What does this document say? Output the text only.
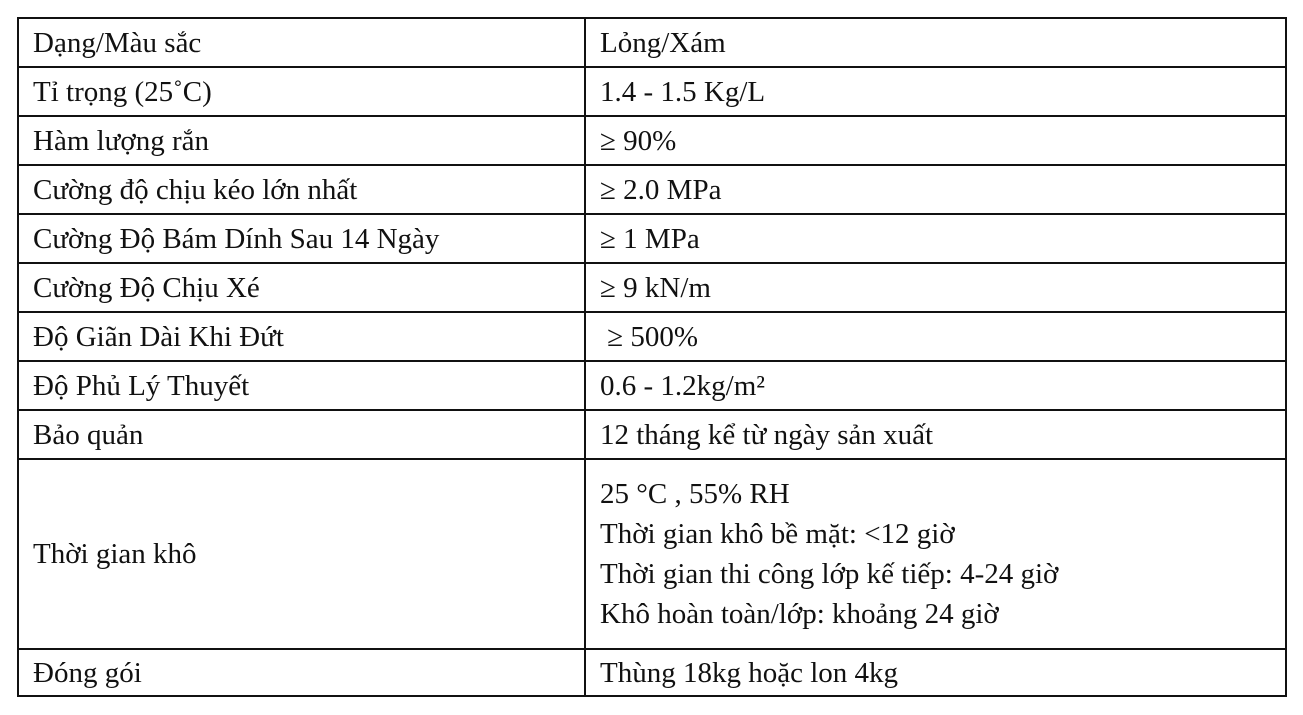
Dạng/Màu sắc	Lỏng/Xám
Tỉ trọng (25˚C)	1.4 - 1.5 Kg/L
Hàm lượng rắn	≥ 90%
Cường độ chịu kéo lớn nhất	≥ 2.0 MPa
Cường Độ Bám Dính Sau 14 Ngày	≥ 1 MPa
Cường Độ Chịu Xé	≥ 9 kN/m
Độ Giãn Dài Khi Đứt	≥ 500%
Độ Phủ Lý Thuyết	0.6 - 1.2kg/m²
Bảo quản	12 tháng kể từ ngày sản xuất
Thời gian khô	25 °C , 55% RH
Thời gian khô bề mặt: <12 giờ
Thời gian thi công lớp kế tiếp: 4-24 giờ
Khô hoàn toàn/lớp: khoảng 24 giờ

Đóng gói	Thùng 18kg hoặc lon 4kg
